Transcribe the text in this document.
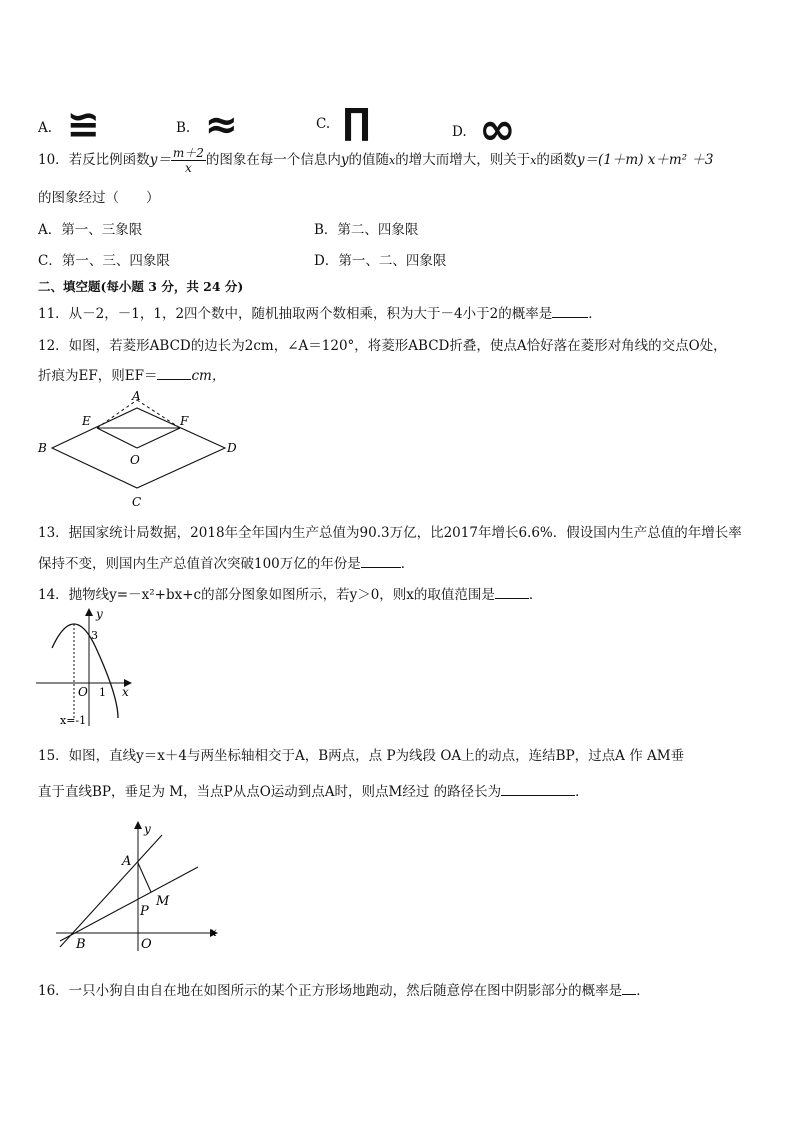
A. ≌	B. ≈	C. ∏	D. ∞
10．若反比例函数$y= \frac{m+2}{x}$ 的图象在每一个信息内y的值随x的增大而增大，则关于x的函数y＝(1＋m) x＋m² ＋3
的图象经过（　　）
A．第一、三象限	B．第二、四象限
C．第一、三、四象限	D．第一、二、四象限
二、填空题(每小题 3 分，共 24 分)
11．从－2，－1，1，2四个数中，随机抽取两个数相乘，积为大于－4小于2的概率是	．
12．如图，若菱形ABCD的边长为2cm，∠A＝120°，将菱形ABCD折叠，使点A恰好落在菱形对角线的交点O处，
折痕为EF，则EF＝	cm，
A
B
C
D
E	F
O
13．据国家统计局数据，2018年全年国内生产总值为90.3万亿，比2017年增长6.6%．假设国内生产总值的年增长率
保持不变，则国内生产总值首次突破100万亿的年份是	．
14．抛物线y=－x²+bx+c的部分图象如图所示，若y＞0，则x的取值范围是	．
y
3
O 1 x
x=-1
15．如图，直线y＝x＋4与两坐标轴相交于A，B两点，点 P为线段 OA上的动点，连结BP，过点A 作 AM垂
直于直线BP，垂足为 M，当点P从点O运动到点A时，则点M经过 的路径长为	．
y
A
M
P
B	O
x
16．一只小狗自由自在地在如图所示的某个正方形场地跑动，然后随意停在图中阴影部分的概率是 ．
